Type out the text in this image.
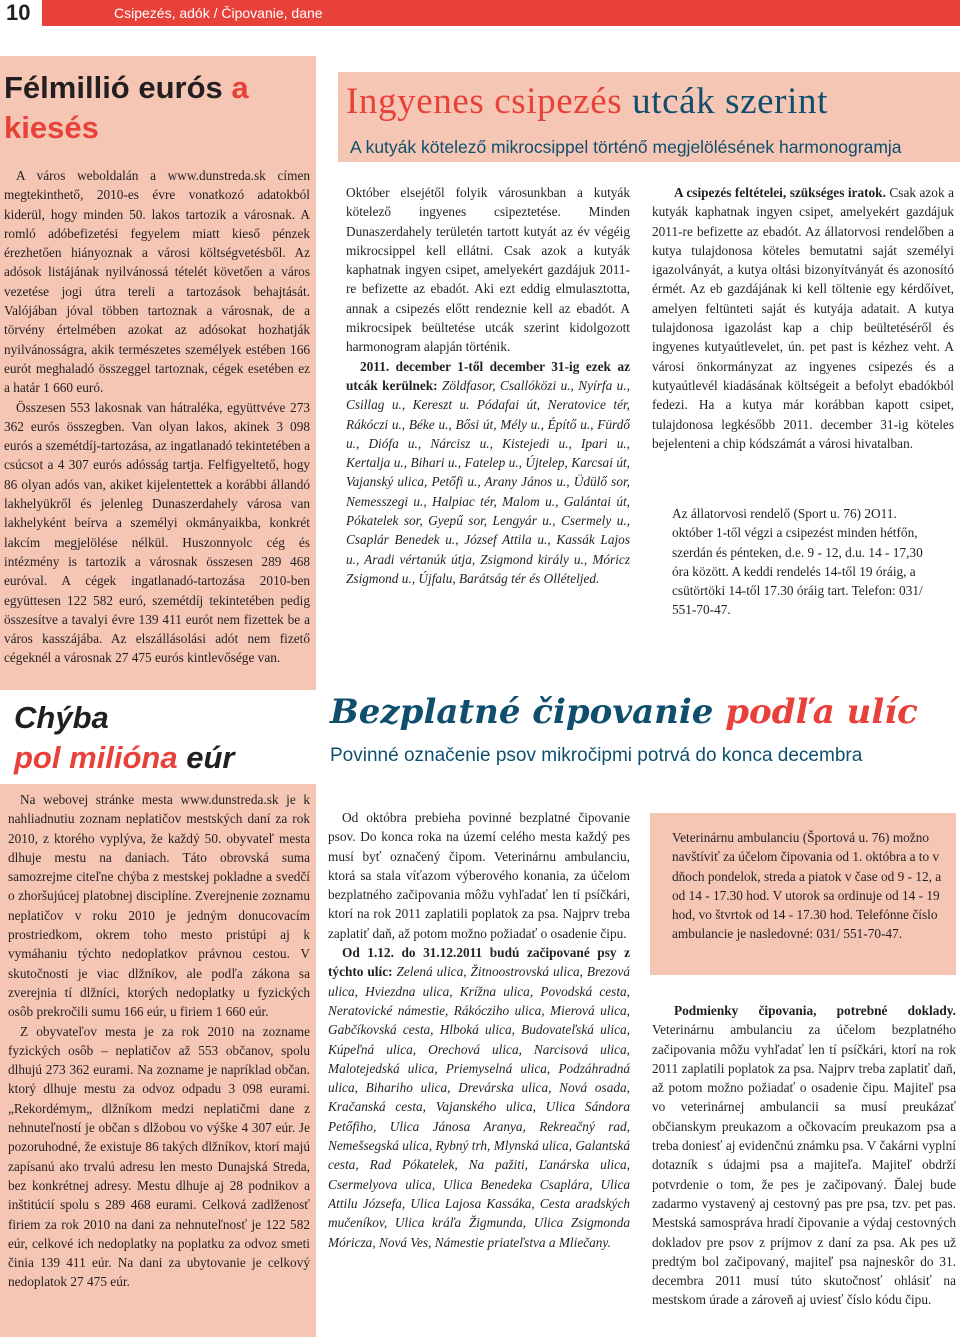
10	Csipezés, adók / Čipovanie, dane
Félmillió eurós a
kiesés

A város weboldalán a www.dunstreda.sk címen megtekinthető, 2010-es évre vonatkozó adatokból kiderül, hogy minden 50. lakos tartozik a városnak. A romló adóbefizetési fegyelem miatt kieső pénzek érezhetően hiányoznak a városi költségvetésből. Az adósok listájának nyilvánossá tételét követően a város vezetése jogi útra tereli a tartozások behajtását. Valójában jóval többen tartoznak a városnak, de a törvény értelmében azokat az adósokat hozhatják nyilvánosságra, akik természetes személyek estében 166 eurót meghaladó összeggel tartoznak, cégek esetében ez a határ 1 660 euró.

Összesen 553 lakosnak van hátraléka, együttvéve 273 362 eurós összegben. Van olyan lakos, akinek 3 098 eurós a szemétdíj-tartozása, az ingatlanadó tekintetében a csúcsot a 4 307 eurós adósság tartja. Felfigyeltető, hogy 86 olyan adós van, akiket kijelentettek a korábbi állandó lakhelyükről és jelenleg Dunaszerdahely városa van lakhelyként beírva a személyi okmányaikba, konkrét lakcím megjelölése nélkül. Huszonnyolc cég és intézmény is tartozik a városnak összesen 289 468 euróval. A cégek ingatlanadó-tartozása 2010-ben együttesen 122 582 euró, szemétdíj tekintetében pedig összesítve a tavalyi évre 139 411 eurót nem fizettek be a város kasszájába. Az elszállásolási adót nem fizető cégeknél a városnak 27 475 eurós kintlevősége van.

Ingyenes csipezés utcák szerint
A kutyák kötelező mikrocsippel történő megjelölésének harmonogramja

Október elsejétől folyik városunkban a kutyák kötelező ingyenes csipeztetése. Minden Dunaszerdahely területén tartott kutyát az év végéig mikrocsippel kell ellátni. Csak azok a kutyák kaphatnak ingyen csipet, amelyekért gazdájuk 2011-re befizette az ebadót. Aki ezt eddig elmulasztotta, annak a csipezés előtt rendeznie kell az ebadót. A mikrocsipek beültetése utcák szerint kidolgozott harmonogram alapján történik.

2011. december 1-től december 31-ig ezek az utcák kerülnek: Zöldfasor, Csallóközi u., Nyírfa u., Csillag u., Kereszt u. Pódafai út, Neratovice tér, Rákóczi u., Béke u., Bősi út, Mély u., Építő u., Fürdő u., Diófa u., Nárcisz u., Kistejedi u., Ipari u., Kertalja u., Bihari u., Fatelep u., Újtelep, Karcsai út, Vajanský ulica, Petőfi u., Arany János u., Üdülő sor, Nemesszegi u., Halpiac tér, Malom u., Galántai út, Pókatelek sor, Gyepű sor, Lengyár u., Csermely u., Csaplár Benedek u., József Attila u., Kassák Lajos u., Aradi vértanúk útja, Zsigmond király u., Móricz Zsigmond u., Újfalu, Barátság tér és Ollételjed.

A csipezés feltételei, szükséges iratok. Csak azok a kutyák kaphatnak ingyen csipet, amelyekért gazdájuk 2011-re befizette az ebadót. Az állatorvosi rendelőben a kutya tulajdonosa köteles bemutatni saját személyi igazolványát, a kutya oltási bizonyítványát és azonosító érmét. Az eb gazdájának ki kell töltenie egy kérdőívet, amelyen feltünteti saját és kutyája adatait. A kutya tulajdonosa igazolást kap a chip beültetéséről és ingyenes kutyaútlevelet, ún. pet past is kézhez veht. A városi önkormányzat az ingyenes csipezés és a kutyaútlevél kiadásának költségeit a befolyt ebadókból fedezi. Ha a kutya már korábban kapott csipet, tulajdonosa legkésőbb 2011. december 31-ig köteles bejelenteni a chip kódszámát a városi hivatalban.

Az állatorvosi rendelő (Sport u. 76) 2O11. október 1-től végzi a csipezést minden hétfőn, szerdán és pénteken, d.e. 9 - 12, d.u. 14 - 17,30 óra között. A keddi rendelés 14-től 19 óráig, a csütörtöki 14-től 17.30 óráig tart. Telefon: 031/ 551-70-47.
Chýba
pol milióna eúr

Na webovej stránke mesta www.dunstreda.sk je k nahliadnutiu zoznam neplatičov mestských daní za rok 2010, z ktorého vyplýva, že každý 50. obyvateľ mesta dlhuje mestu na daniach. Táto obrovská suma samozrejme citeľne chýba z mestskej pokladne a svedčí o zhoršujúcej platobnej disciplíne. Zverejnenie zoznamu neplatičov v roku 2010 je jedným donucovacím prostriedkom, okrem toho mesto pristúpi aj k vymáhaniu týchto nedoplatkov právnou cestou. V skutočnosti je viac dlžníkov, ale podľa zákona sa zverejnia tí dlžníci, ktorých nedoplatky u fyzických osôb prekročili sumu 166 eúr, u firiem 1 660 eúr.

Z obyvateľov mesta je za rok 2010 na zozname fyzických osôb – neplatičov až 553 občanov, spolu dlhujú 273 362 eurami. Na zozname je napríklad občan. ktorý dlhuje mestu za odvoz odpadu 3 098 eurami. „Rekordémym„ dlžníkom medzi neplatičmi dane z nehnuteľností je občan s dlžobou vo výške 4 307 eúr. Je pozoruhodné, že existuje 86 takých dlžníkov, ktorí majú zapísanú ako trvalú adresu len mesto Dunajská Streda, bez konkrétnej adresy. Mestu dlhuje aj 28 podnikov a inštitúcií spolu s 289 468 eurami. Celková zadlženosť firiem za rok 2010 na dani za nehnuteľnosť je 122 582 eúr, celkové ich nedoplatky na poplatku za odvoz smeti činia 139 411 eúr. Na dani za ubytovanie je celkový nedoplatok 27 475 eúr.

Bezplatné čipovanie podľa ulíc
Povinné označenie psov mikročipmi potrvá do konca decembra

Od októbra prebieha povinné bezplatné čipovanie psov. Do konca roka na území celého mesta každý pes musí byť označený čipom. Veterinárnu ambulanciu, ktorá sa stala víťazom výberového konania, za účelom bezplatného začipovania môžu vyhľadať len tí psíčkári, ktorí na rok 2011 zaplatili poplatok za psa. Najprv treba zaplatiť daň, až potom možno požiadať o osadenie čipu.

Od 1.12. do 31.12.2011 budú začipované psy z týchto ulíc: Zelená ulica, Žitnoostrovská ulica, Brezová ulica, Hviezdna ulica, Krížna ulica, Povodská cesta, Neratovické námestie, Rákócziho ulica, Mierová ulica, Gabčíkovská cesta, Hlboká ulica, Budovateľská ulica, Kúpeľná ulica, Orechová ulica, Narcisová ulica, Malotejedská ulica, Priemyselná ulica, Podzáhradná ulica, Bihariho ulica, Drevárska ulica, Nová osada, Kračanská cesta, Vajanského ulica, Ulica Sándora Petőfiho, Ulica Jánosa Aranya, Rekreačný rad, Nemešsegská ulica, Rybný trh, Mlynská ulica, Galantská cesta, Rad Pókatelek, Na pažiti, Ľanárska ulica, Csermelyova ulica, Ulica Benedeka Csaplára, Ulica Attilu Józsefa, Ulica Lajosa Kassáka, Cesta aradských mučeníkov, Ulica kráľa Žigmunda, Ulica Zsigmonda Móricza, Nová Ves, Námestie priateľstva a Mliečany.

Veterinárnu ambulanciu (Športová u. 76) možno navštíviť za účelom čipovania od 1. októbra a to v dňoch pondelok, streda a piatok v čase od 9 - 12, a od 14 - 17.30 hod. V utorok sa ordinuje od 14 - 19 hod, vo štvrtok od 14 - 17.30 hod. Telefónne číslo ambulancie je nasledovné: 031/ 551-70-47.

Podmienky čipovania, potrebné doklady. Veterinárnu ambulanciu za účelom bezplatného začipovania môžu vyhľadať len tí psíčkári, ktorí na rok 2011 zaplatili poplatok za psa. Najprv treba zaplatiť daň, až potom možno požiadať o osadenie čipu. Majiteľ psa vo veterinárnej ambulancii sa musí preukázať občianskym preukazom a očkovacím preukazom psa a treba doniesť aj evidenčnú známku psa. V čakárni vyplní dotazník s údajmi psa a majiteľa. Majiteľ obdrží potvrdenie o tom, že pes je začipovaný. Ďalej bude zadarmo vystavený aj cestovný pas pre psa, tzv. pet pas. Mestská samospráva hradí čipovanie a výdaj cestovných dokladov pre psov z príjmov z daní za psa. Ak pes už predtým bol začipovaný, majiteľ psa najneskôr do 31. decembra 2011 musí túto skutočnosť ohlásiť na mestskom úrade a zároveň aj uviesť číslo kódu čipu.
